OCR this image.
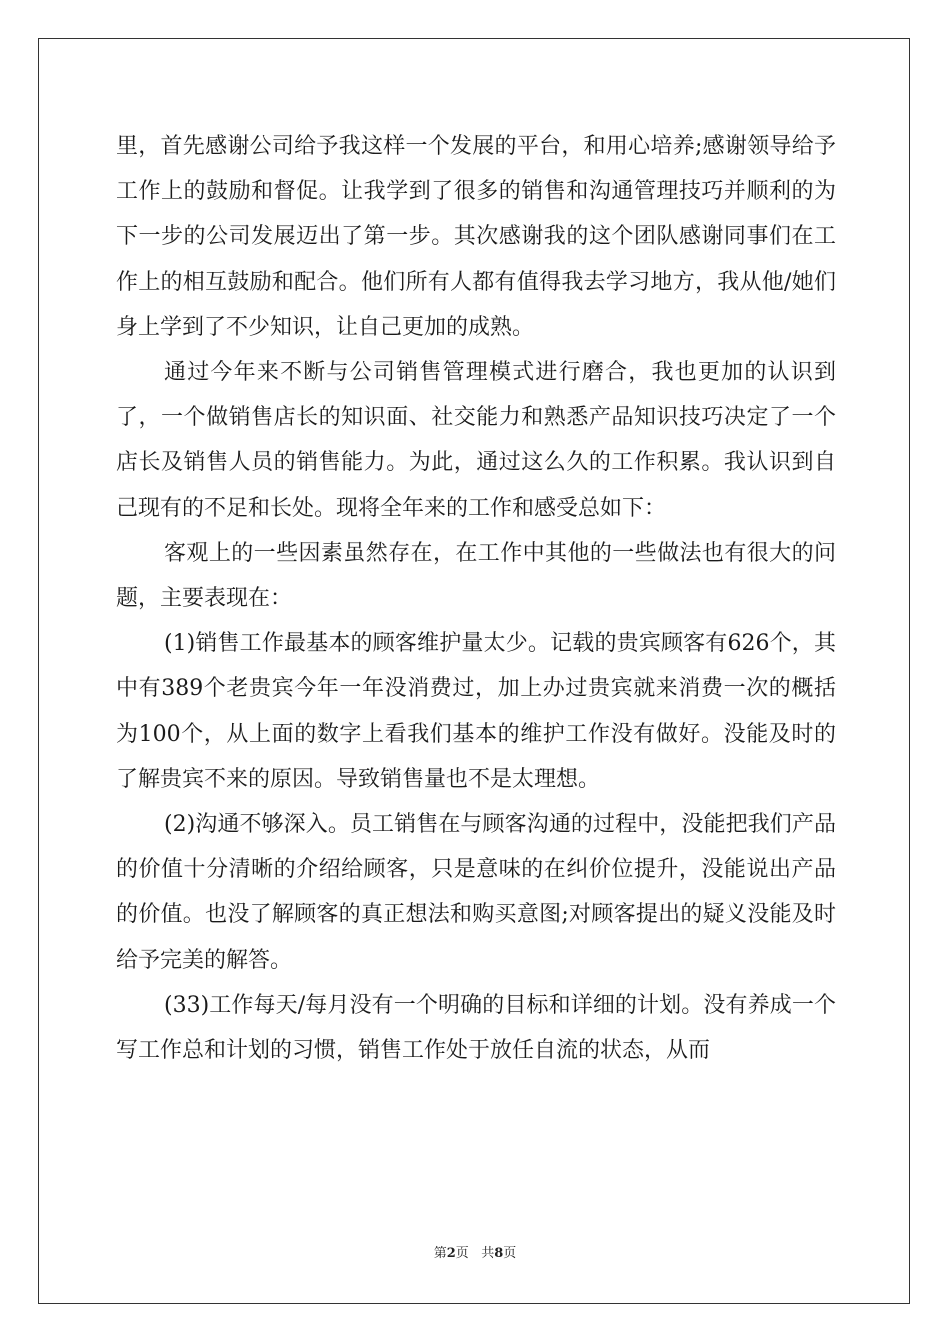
里，首先感谢公司给予我这样一个发展的平台，和用心培养;感谢领导给予工作上的鼓励和督促。让我学到了很多的销售和沟通管理技巧并顺利的为下一步的公司发展迈出了第一步。其次感谢我的这个团队感谢同事们在工作上的相互鼓励和配合。他们所有人都有值得我去学习地方，我从他/她们身上学到了不少知识，让自己更加的成熟。

通过今年来不断与公司销售管理模式进行磨合，我也更加的认识到了，一个做销售店长的知识面、社交能力和熟悉产品知识技巧决定了一个店长及销售人员的销售能力。为此，通过这么久的工作积累。我认识到自己现有的不足和长处。现将全年来的工作和感受总如下：

客观上的一些因素虽然存在，在工作中其他的一些做法也有很大的问题，主要表现在：

(1)销售工作最基本的顾客维护量太少。记载的贵宾顾客有626个，其中有389个老贵宾今年一年没消费过，加上办过贵宾就来消费一次的概括为100个，从上面的数字上看我们基本的维护工作没有做好。没能及时的了解贵宾不来的原因。导致销售量也不是太理想。

(2)沟通不够深入。员工销售在与顾客沟通的过程中，没能把我们产品的价值十分清晰的介绍给顾客，只是意味的在纠价位提升，没能说出产品的价值。也没了解顾客的真正想法和购买意图;对顾客提出的疑义没能及时给予完美的解答。

(33)工作每天/每月没有一个明确的目标和详细的计划。没有养成一个写工作总和计划的习惯，销售工作处于放任自流的状态，从而

第2页   共8页
